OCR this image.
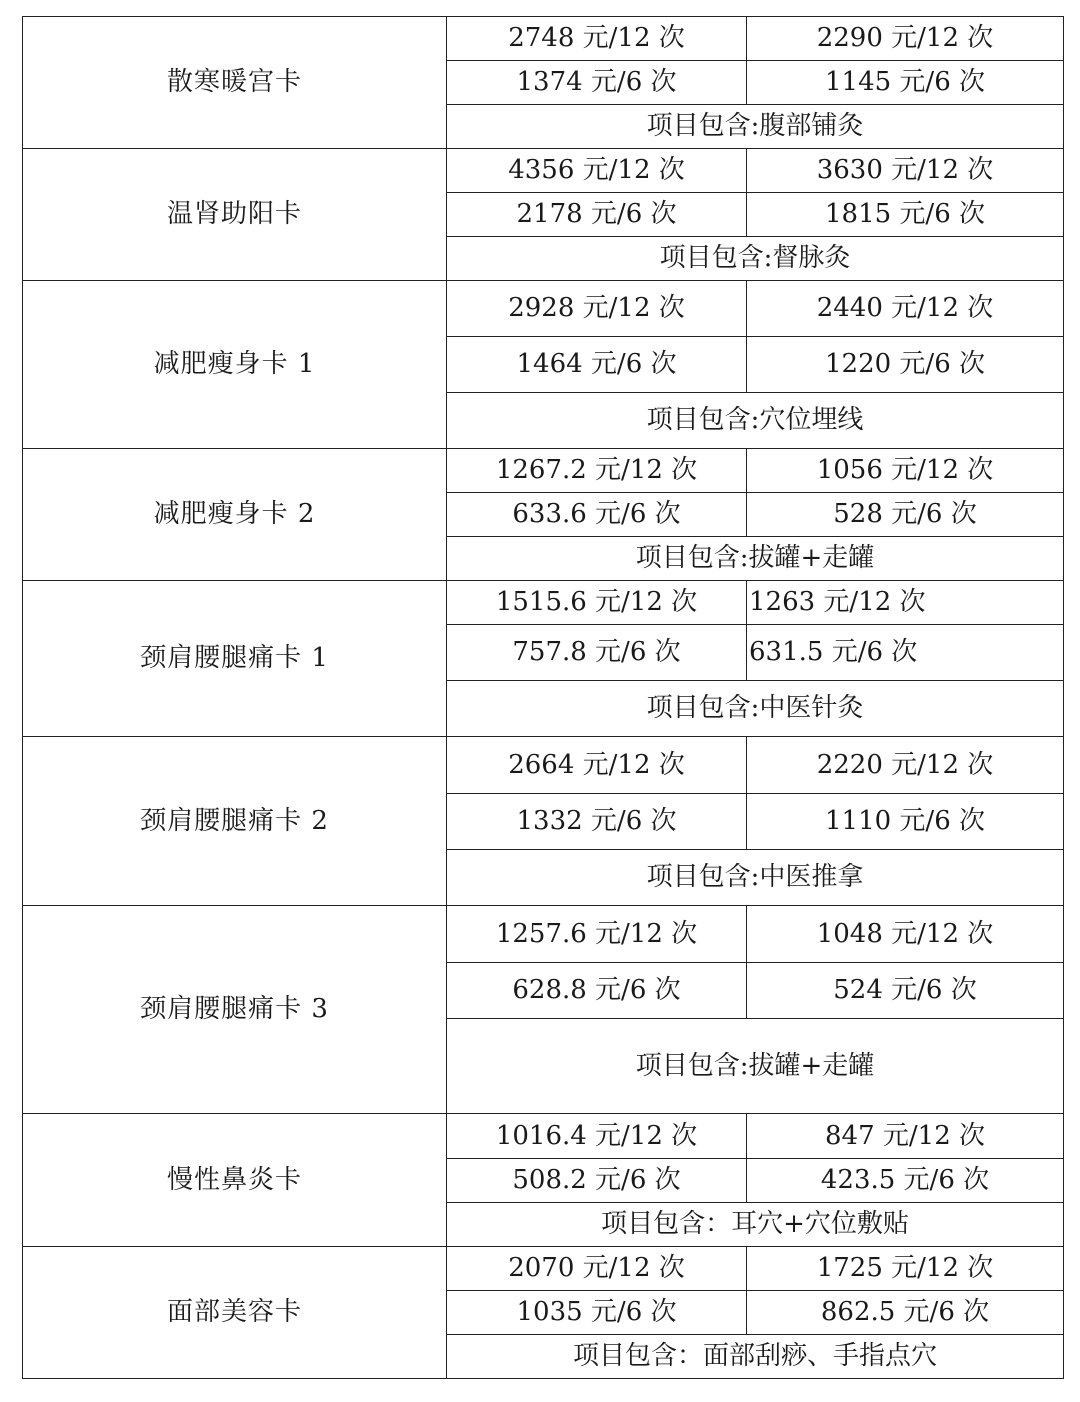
散寒暖宫卡	2748 元/12 次	2290 元/12 次
	1374 元/6 次	1145 元/6 次
	项目包含:腹部铺灸	
温肾助阳卡	4356 元/12 次	3630 元/12 次
	2178 元/6 次	1815 元/6 次
	项目包含:督脉灸	
减肥瘦身卡 1	2928 元/12 次	2440 元/12 次
	1464 元/6 次	1220 元/6 次
	项目包含:穴位埋线	
减肥瘦身卡 2	1267.2 元/12 次	1056 元/12 次
	633.6 元/6 次	528 元/6 次
	项目包含:拔罐+走罐	
颈肩腰腿痛卡 1	1515.6 元/12 次	1263 元/12 次
	757.8 元/6 次	631.5 元/6 次
	项目包含:中医针灸	
颈肩腰腿痛卡 2	2664 元/12 次	2220 元/12 次
	1332 元/6 次	1110 元/6 次
	项目包含:中医推拿	
颈肩腰腿痛卡 3	1257.6 元/12 次	1048 元/12 次
	628.8 元/6 次	524 元/6 次
	项目包含:拔罐+走罐	
慢性鼻炎卡	1016.4 元/12 次	847 元/12 次
	508.2 元/6 次	423.5 元/6 次
	项目包含：耳穴+穴位敷贴	
面部美容卡	2070 元/12 次	1725 元/12 次
	1035 元/6 次	862.5 元/6 次
	项目包含：面部刮痧、手指点穴	
